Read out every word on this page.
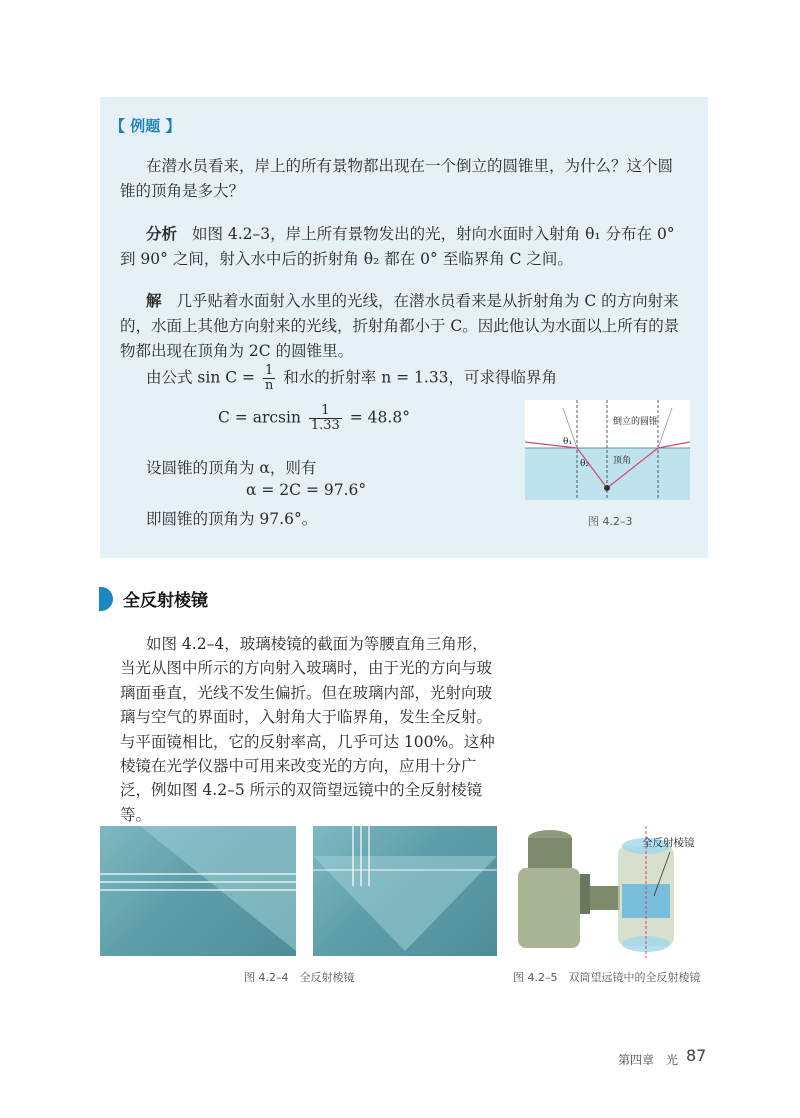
【 例题 】
在潜水员看来，岸上的所有景物都出现在一个倒立的圆锥里，为什么？这个圆锥的顶角是多大？
分析 如图 4.2–3，岸上所有景物发出的光，射向水面时入射角 θ₁ 分布在 0° 到 90° 之间，射入水中后的折射角 θ₂ 都在 0° 至临界角 C 之间。
解 几乎贴着水面射入水里的光线，在潜水员看来是从折射角为 C 的方向射来的，水面上其他方向射来的光线，折射角都小于 C。因此他认为水面以上所有的景物都出现在顶角为 2C 的圆锥里。
由公式 $\sin C = \frac{1}{n}$ 和水的折射率 n = 1.33，可求得临界角
$C = \arcsin \frac{1}{1.33} = 48.8^\circ$
设圆锥的顶角为 α，则有
α = 2C = 97.6°
即圆锥的顶角为 97.6°。
θ₁
θ₂
倒立的圆锥
顶角
图 4.2–3
全反射棱镜
如图 4.2–4，玻璃棱镜的截面为等腰直角三角形，当光从图中所示的方向射入玻璃时，由于光的方向与玻璃面垂直，光线不发生偏折。但在玻璃内部，光射向玻璃与空气的界面时，入射角大于临界角，发生全反射。与平面镜相比，它的反射率高，几乎可达 100%。这种棱镜在光学仪器中可用来改变光的方向，应用十分广泛，例如图 4.2–5 所示的双筒望远镜中的全反射棱镜等。
图 4.2–4　全反射棱镜
全反射棱镜
图 4.2–5　双筒望远镜中的全反射棱镜
第四章　光 87
